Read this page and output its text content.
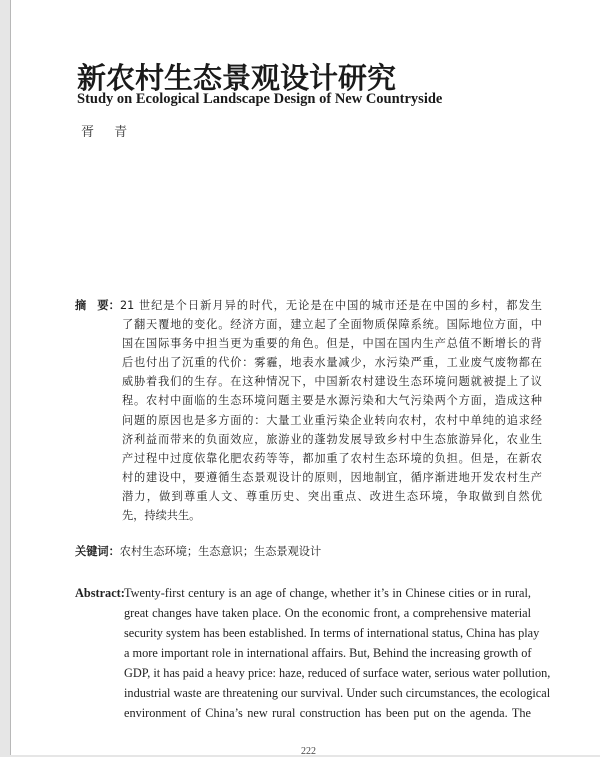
新农村生态景观设计研究
Study on Ecological Landscape Design of New Countryside
胥 青
摘　要： 21 世纪是个日新月异的时代，无论是在中国的城市还是在中国的乡村，都发生
了翻天覆地的变化。经济方面，建立起了全面物质保障系统。国际地位方面，中
国在国际事务中担当更为重要的角色。但是，中国在国内生产总值不断增长的背
后也付出了沉重的代价：雾霾，地表水量减少，水污染严重，工业废气废物都在
威胁着我们的生存。在这种情况下，中国新农村建设生态环境问题就被提上了议
程。农村中面临的生态环境问题主要是水源污染和大气污染两个方面，造成这种
问题的原因也是多方面的：大量工业重污染企业转向农村，农村中单纯的追求经
济利益而带来的负面效应，旅游业的蓬勃发展导致乡村中生态旅游异化，农业生
产过程中过度依靠化肥农药等等，都加重了农村生态环境的负担。但是，在新农
村的建设中，要遵循生态景观设计的原则，因地制宜，循序渐进地开发农村生产
潜力，做到尊重人文、尊重历史、突出重点、改进生态环境，争取做到自然优
先，持续共生。
关键词：农村生态环境；生态意识；生态景观设计
Abstract: Twenty-first century is an age of change, whether it’s in Chinese cities or in rural,
great changes have taken place. On the economic front, a comprehensive material
security system has been established. In terms of international status, China has play
a more important role in international affairs. But, Behind the increasing growth of
GDP, it has paid a heavy price: haze, reduced of surface water, serious water pollution,
industrial waste are threatening our survival. Under such circumstances, the ecological
environment of China’s new rural construction has been put on the agenda. The
222
